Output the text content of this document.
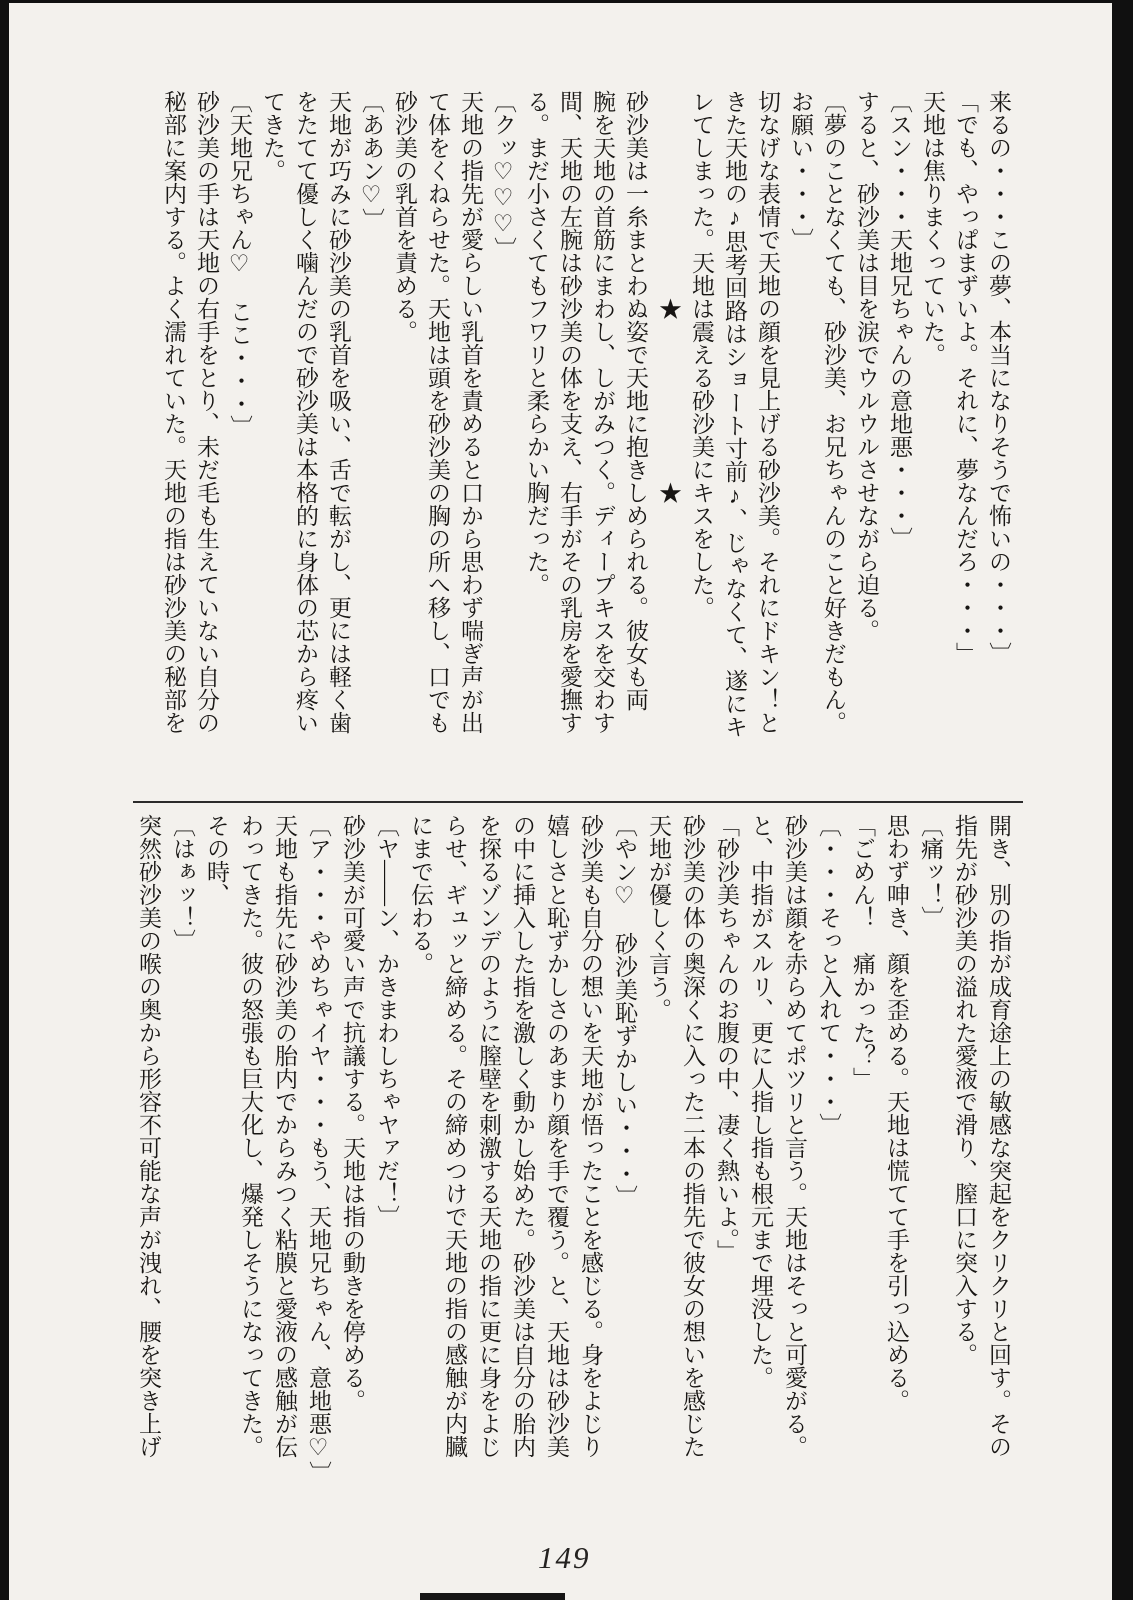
来るの・・・この夢、本当になりそうで怖いの・・・〕

「でも、やっぱまずいよ。それに、夢なんだろ・・・」

天地は焦りまくっていた。

〔スン・・・天地兄ちゃんの意地悪・・・〕

すると、砂沙美は目を涙でウルウルさせながら迫る。

〔夢のことなくても、砂沙美、お兄ちゃんのこと好きだもん。

お願い・・・〕

切なげな表情で天地の顔を見上げる砂沙美。それにドキン！と

きた天地の♪思考回路はショート寸前♪、じゃなくて、遂にキ

レてしまった。天地は震える砂沙美にキスをした。

　　　　　　　　　★　　　　　　　★

砂沙美は一糸まとわぬ姿で天地に抱きしめられる。彼女も両

腕を天地の首筋にまわし、しがみつく。ディープキスを交わす

間、天地の左腕は砂沙美の体を支え、右手がその乳房を愛撫す

る。まだ小さくてもフワリと柔らかい胸だった。

〔クッ♡♡♡〕

天地の指先が愛らしい乳首を責めると口から思わず喘ぎ声が出

て体をくねらせた。天地は頭を砂沙美の胸の所へ移し、口でも

砂沙美の乳首を責める。

〔ああン♡〕

天地が巧みに砂沙美の乳首を吸い、舌で転がし、更には軽く歯

をたてて優しく噛んだので砂沙美は本格的に身体の芯から疼い

てきた。

〔天地兄ちゃん♡　ここ・・・〕

砂沙美の手は天地の右手をとり、未だ毛も生えていない自分の

秘部に案内する。よく濡れていた。天地の指は砂沙美の秘部を

開き、別の指が成育途上の敏感な突起をクリクリと回す。その

指先が砂沙美の溢れた愛液で滑り、膣口に突入する。

〔痛ッ！〕

思わず呻き、顔を歪める。天地は慌てて手を引っ込める。

「ごめん！　痛かった？」

〔・・・そっと入れて・・・〕

砂沙美は顔を赤らめてポツリと言う。天地はそっと可愛がる。

と、中指がスルリ、更に人指し指も根元まで埋没した。

「砂沙美ちゃんのお腹の中、凄く熱いよ。」

砂沙美の体の奥深くに入った二本の指先で彼女の想いを感じた

天地が優しく言う。

〔やン♡　砂沙美恥ずかしい・・・〕

砂沙美も自分の想いを天地が悟ったことを感じる。身をよじり

嬉しさと恥ずかしさのあまり顔を手で覆う。と、天地は砂沙美

の中に挿入した指を激しく動かし始めた。砂沙美は自分の胎内

を探るゾンデのように膣壁を刺激する天地の指に更に身をよじ

らせ、ギュッと締める。その締めつけで天地の指の感触が内臓

にまで伝わる。

〔ヤ――ン、かきまわしちゃヤァだ！〕

砂沙美が可愛い声で抗議する。天地は指の動きを停める。

〔ア・・・やめちゃイヤ・・・もう、天地兄ちゃん、意地悪♡〕

天地も指先に砂沙美の胎内でからみつく粘膜と愛液の感触が伝

わってきた。彼の怒張も巨大化し、爆発しそうになってきた。

その時、

〔はぁッ！〕

突然砂沙美の喉の奥から形容不可能な声が洩れ、腰を突き上げ

149
